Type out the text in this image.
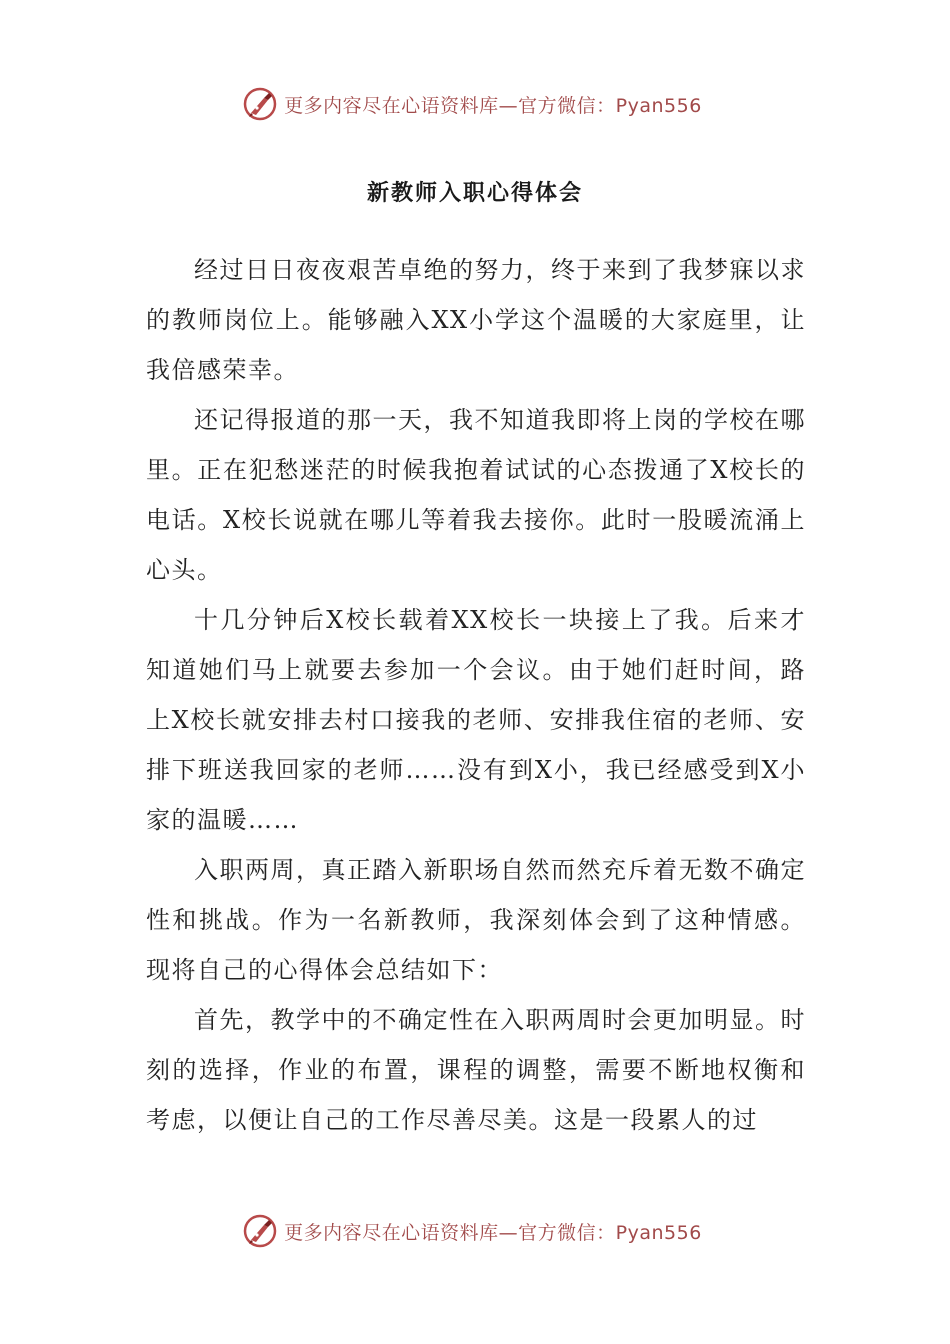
更多内容尽在心语资料库—官方微信：Pyan556
新教师入职心得体会

经过日日夜夜艰苦卓绝的努力，终于来到了我梦寐以求的教师岗位上。能够融入XX小学这个温暖的大家庭里，让我倍感荣幸。

还记得报道的那一天，我不知道我即将上岗的学校在哪里。正在犯愁迷茫的时候我抱着试试的心态拨通了X校长的电话。X校长说就在哪儿等着我去接你。此时一股暖流涌上心头。

十几分钟后X校长载着XX校长一块接上了我。后来才知道她们马上就要去参加一个会议。由于她们赶时间，路上X校长就安排去村口接我的老师、安排我住宿的老师、安排下班送我回家的老师……没有到X小，我已经感受到X小家的温暖……

入职两周，真正踏入新职场自然而然充斥着无数不确定性和挑战。作为一名新教师，我深刻体会到了这种情感。现将自己的心得体会总结如下：

首先，教学中的不确定性在入职两周时会更加明显。时刻的选择，作业的布置，课程的调整，需要不断地权衡和考虑，以便让自己的工作尽善尽美。这是一段累人的过

更多内容尽在心语资料库—官方微信：Pyan556
